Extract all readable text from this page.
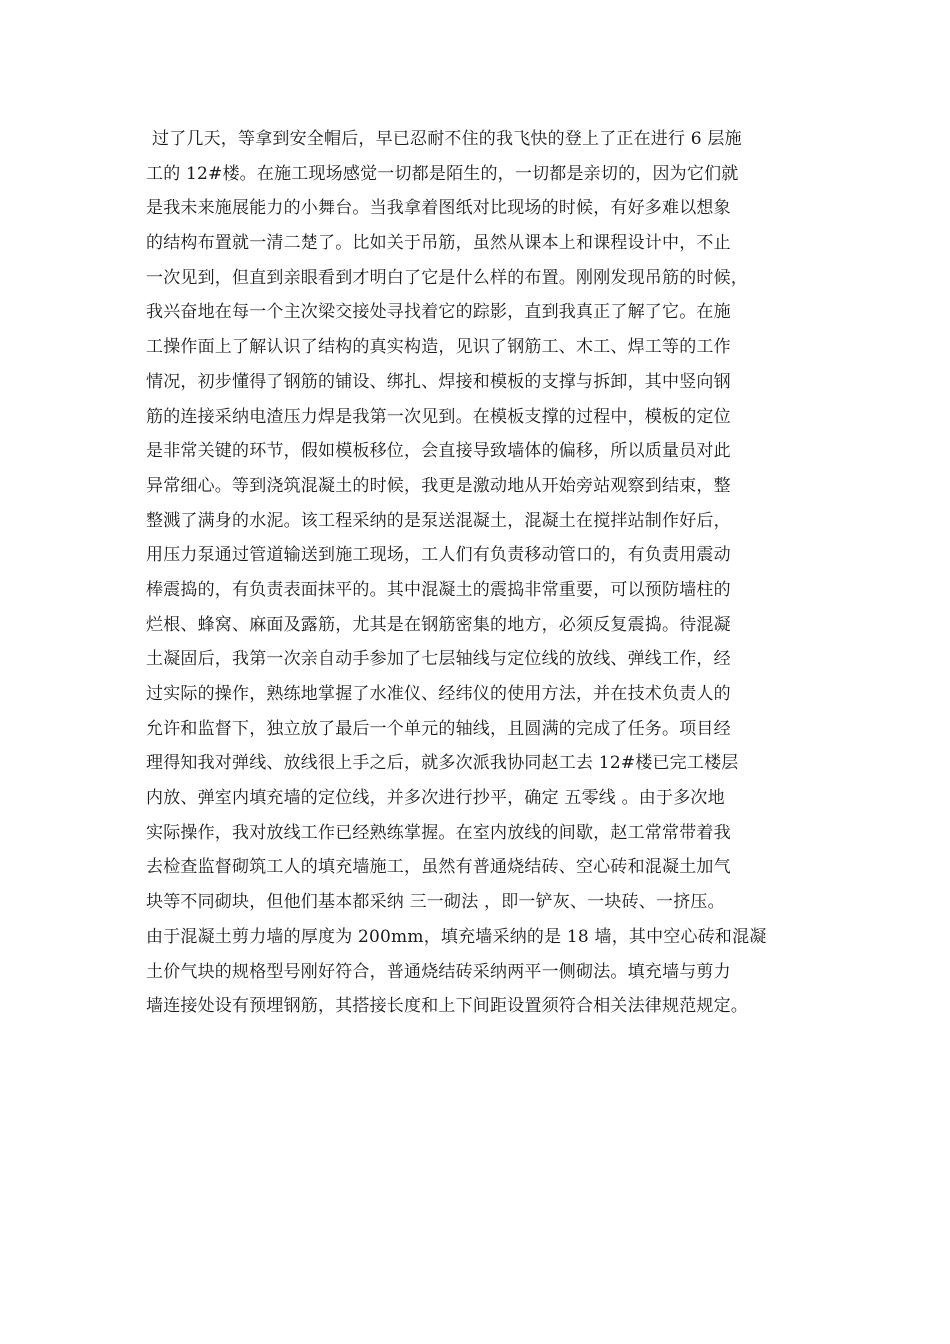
过了几天，等拿到安全帽后，早已忍耐不住的我飞快的登上了正在进行 6 层施
工的 12#楼。在施工现场感觉一切都是陌生的，一切都是亲切的，因为它们就
是我未来施展能力的小舞台。当我拿着图纸对比现场的时候，有好多难以想象
的结构布置就一清二楚了。比如关于吊筋，虽然从课本上和课程设计中，不止
一次见到，但直到亲眼看到才明白了它是什么样的布置。刚刚发现吊筋的时候，
我兴奋地在每一个主次梁交接处寻找着它的踪影，直到我真正了解了它。在施
工操作面上了解认识了结构的真实构造，见识了钢筋工、木工、焊工等的工作
情况，初步懂得了钢筋的铺设、绑扎、焊接和模板的支撑与拆卸，其中竖向钢
筋的连接采纳电渣压力焊是我第一次见到。在模板支撑的过程中，模板的定位
是非常关键的环节，假如模板移位，会直接导致墙体的偏移，所以质量员对此
异常细心。等到浇筑混凝土的时候，我更是激动地从开始旁站观察到结束，整
整溅了满身的水泥。该工程采纳的是泵送混凝土，混凝土在搅拌站制作好后，
用压力泵通过管道输送到施工现场，工人们有负责移动管口的，有负责用震动
棒震捣的，有负责表面抹平的。其中混凝土的震捣非常重要，可以预防墙柱的
烂根、蜂窝、麻面及露筋，尤其是在钢筋密集的地方，必须反复震捣。待混凝
土凝固后，我第一次亲自动手参加了七层轴线与定位线的放线、弹线工作，经
过实际的操作，熟练地掌握了水准仪、经纬仪的使用方法，并在技术负责人的
允许和监督下，独立放了最后一个单元的轴线，且圆满的完成了任务。项目经
理得知我对弹线、放线很上手之后，就多次派我协同赵工去 12#楼已完工楼层
内放、弹室内填充墙的定位线，并多次进行抄平，确定 五零线 。由于多次地
实际操作，我对放线工作已经熟练掌握。在室内放线的间歇，赵工常常带着我
去检查监督砌筑工人的填充墙施工，虽然有普通烧结砖、空心砖和混凝土加气
块等不同砌块，但他们基本都采纳 三一砌法 ，即一铲灰、一块砖、一挤压。
由于混凝土剪力墙的厚度为 200mm，填充墙采纳的是 18 墙，其中空心砖和混凝
土价气块的规格型号刚好符合，普通烧结砖采纳两平一侧砌法。填充墙与剪力
墙连接处设有预埋钢筋，其搭接长度和上下间距设置须符合相关法律规范规定。
